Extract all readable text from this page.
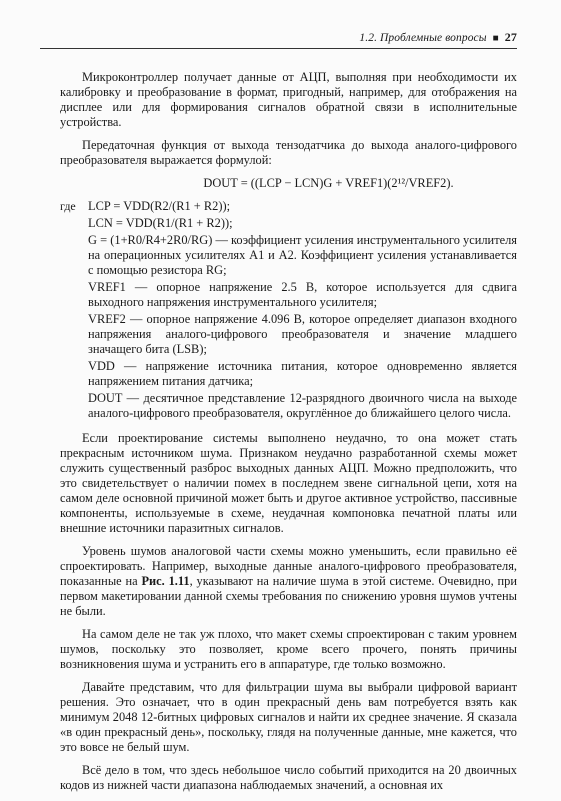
1.2. Проблемные вопросы ■ 27

Микроконтроллер получает данные от АЦП, выполняя при необходимости их калибровку и преобразование в формат, пригодный, например, для отображения на дисплее или для формирования сигналов обратной связи в исполнительные устройства.

Передаточная функция от выхода тензодатчика до выхода аналого-цифрового преобразователя выражается формулой:

DOUT = ((LCP − LCN)G + VREF1)(2¹²/VREF2).
где LCP = VDD(R2/(R1 + R2));
LCN = VDD(R1/(R1 + R2));
G = (1+R0/R4+2R0/RG) — коэффициент усиления инструментального усилителя на операционных усилителях A1 и A2. Коэффициент усиления устанавливается с помощью резистора RG;
VREF1 — опорное напряжение 2.5 В, которое используется для сдвига выходного напряжения инструментального усилителя;
VREF2 — опорное напряжение 4.096 В, которое определяет диапазон входного напряжения аналого-цифрового преобразователя и значение младшего значащего бита (LSB);
VDD — напряжение источника питания, которое одновременно является напряжением питания датчика;
DOUT — десятичное представление 12-разрядного двоичного числа на выходе аналого-цифрового преобразователя, округлённое до ближайшего целого числа.

Если проектирование системы выполнено неудачно, то она может стать прекрасным источником шума. Признаком неудачно разработанной схемы может служить существенный разброс выходных данных АЦП. Можно предположить, что это свидетельствует о наличии помех в последнем звене сигнальной цепи, хотя на самом деле основной причиной может быть и другое активное устройство, пассивные компоненты, используемые в схеме, неудачная компоновка печатной платы или внешние источники паразитных сигналов.

Уровень шумов аналоговой части схемы можно уменьшить, если правильно её спроектировать. Например, выходные данные аналого-цифрового преобразователя, показанные на Рис. 1.11, указывают на наличие шума в этой системе. Очевидно, при первом макетировании данной схемы требования по снижению уровня шумов учтены не были.

На самом деле не так уж плохо, что макет схемы спроектирован с таким уровнем шумов, поскольку это позволяет, кроме всего прочего, понять причины возникновения шума и устранить его в аппаратуре, где только возможно.

Давайте представим, что для фильтрации шума вы выбрали цифровой вариант решения. Это означает, что в один прекрасный день вам потребуется взять как минимум 2048 12-битных цифровых сигналов и найти их среднее значение. Я сказала «в один прекрасный день», поскольку, глядя на полученные данные, мне кажется, что это вовсе не белый шум.

Всё дело в том, что здесь небольшое число событий приходится на 20 двоичных кодов из нижней части диапазона наблюдаемых значений, а основная их
